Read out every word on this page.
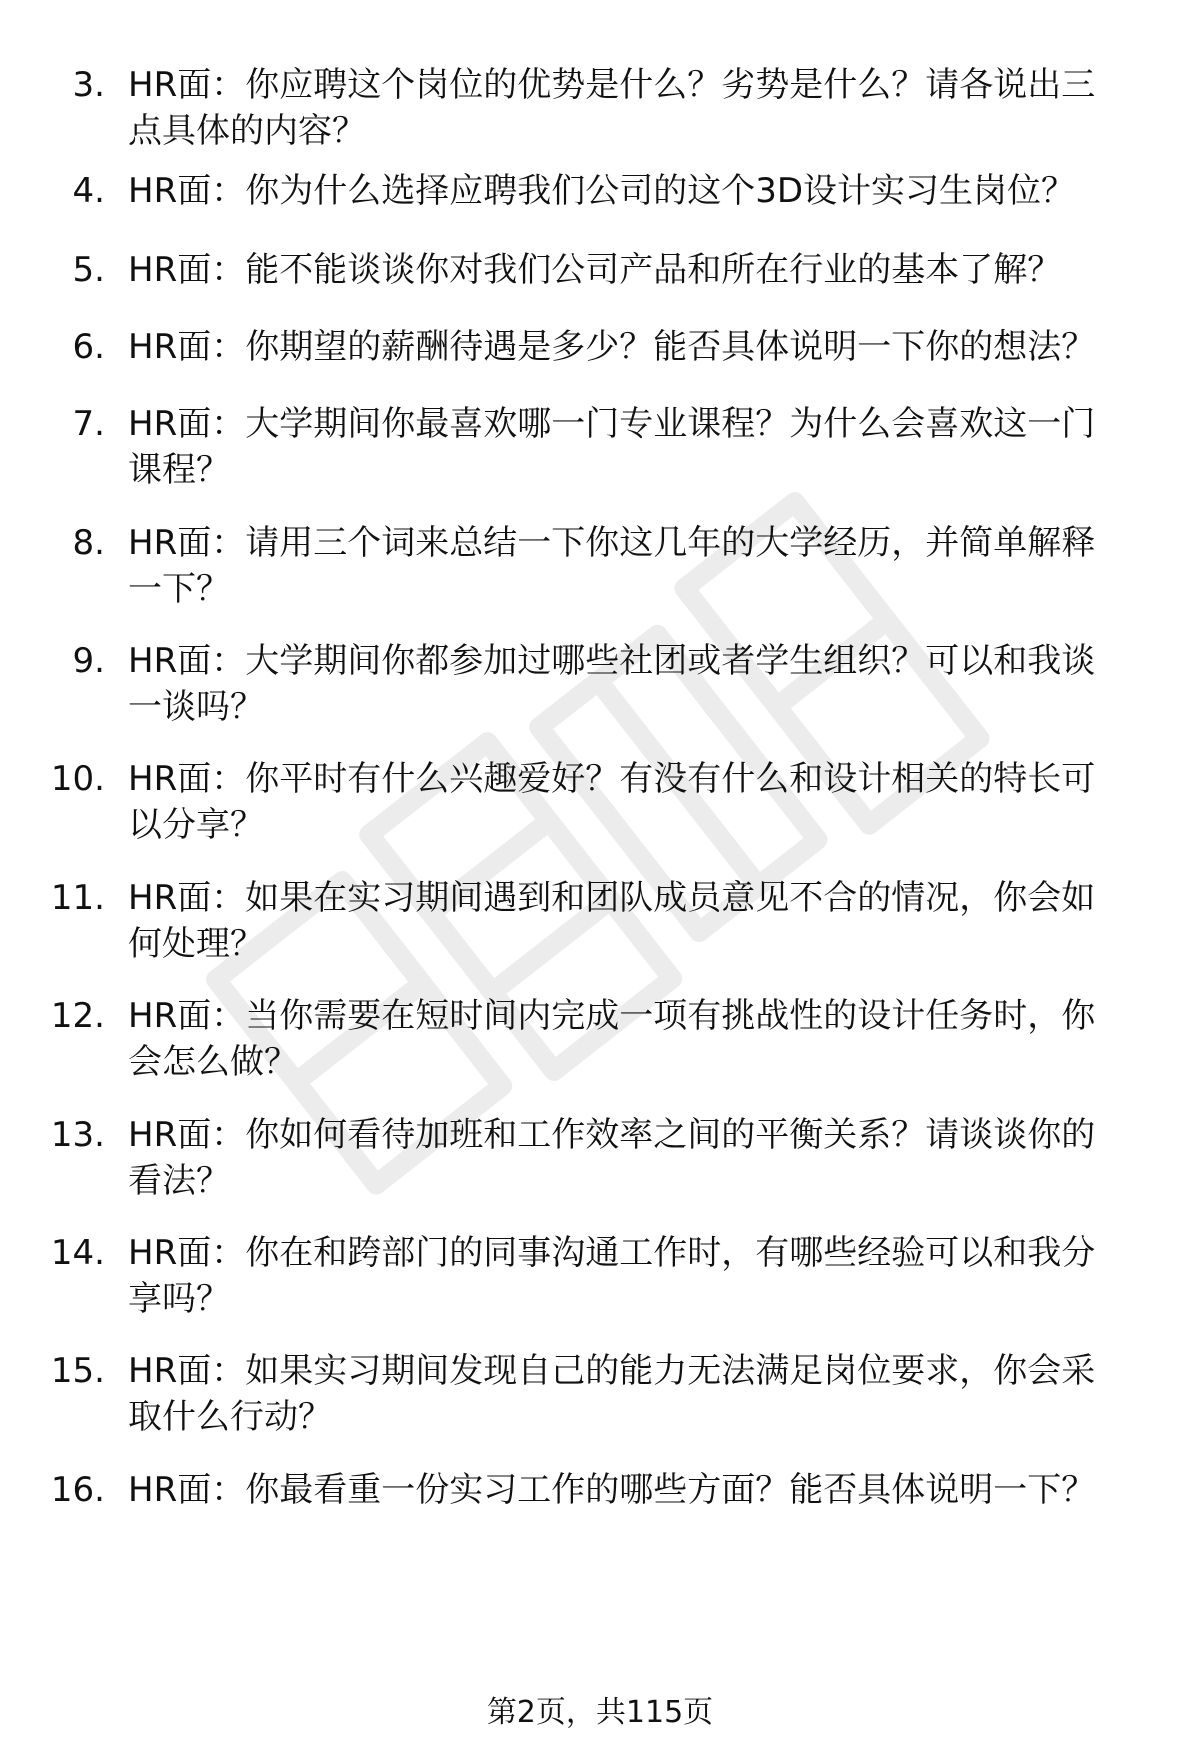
3. HR面：你应聘这个岗位的优势是什么？劣势是什么？请各说出三
点具体的内容？
4. HR面：你为什么选择应聘我们公司的这个3D设计实习生岗位？
5. HR面：能不能谈谈你对我们公司产品和所在行业的基本了解？
6. HR面：你期望的薪酬待遇是多少？能否具体说明一下你的想法？
7. HR面：大学期间你最喜欢哪一门专业课程？为什么会喜欢这一门
课程？
8. HR面：请用三个词来总结一下你这几年的大学经历，并简单解释
一下？
9. HR面：大学期间你都参加过哪些社团或者学生组织？可以和我谈
一谈吗？
10. HR面：你平时有什么兴趣爱好？有没有什么和设计相关的特长可
以分享？
11. HR面：如果在实习期间遇到和团队成员意见不合的情况，你会如
何处理？
12. HR面：当你需要在短时间内完成一项有挑战性的设计任务时，你
会怎么做？
13. HR面：你如何看待加班和工作效率之间的平衡关系？请谈谈你的
看法？
14. HR面：你在和跨部门的同事沟通工作时，有哪些经验可以和我分
享吗？
15. HR面：如果实习期间发现自己的能力无法满足岗位要求，你会采
取什么行动？
16. HR面：你最看重一份实习工作的哪些方面？能否具体说明一下？
第2页，共115页
